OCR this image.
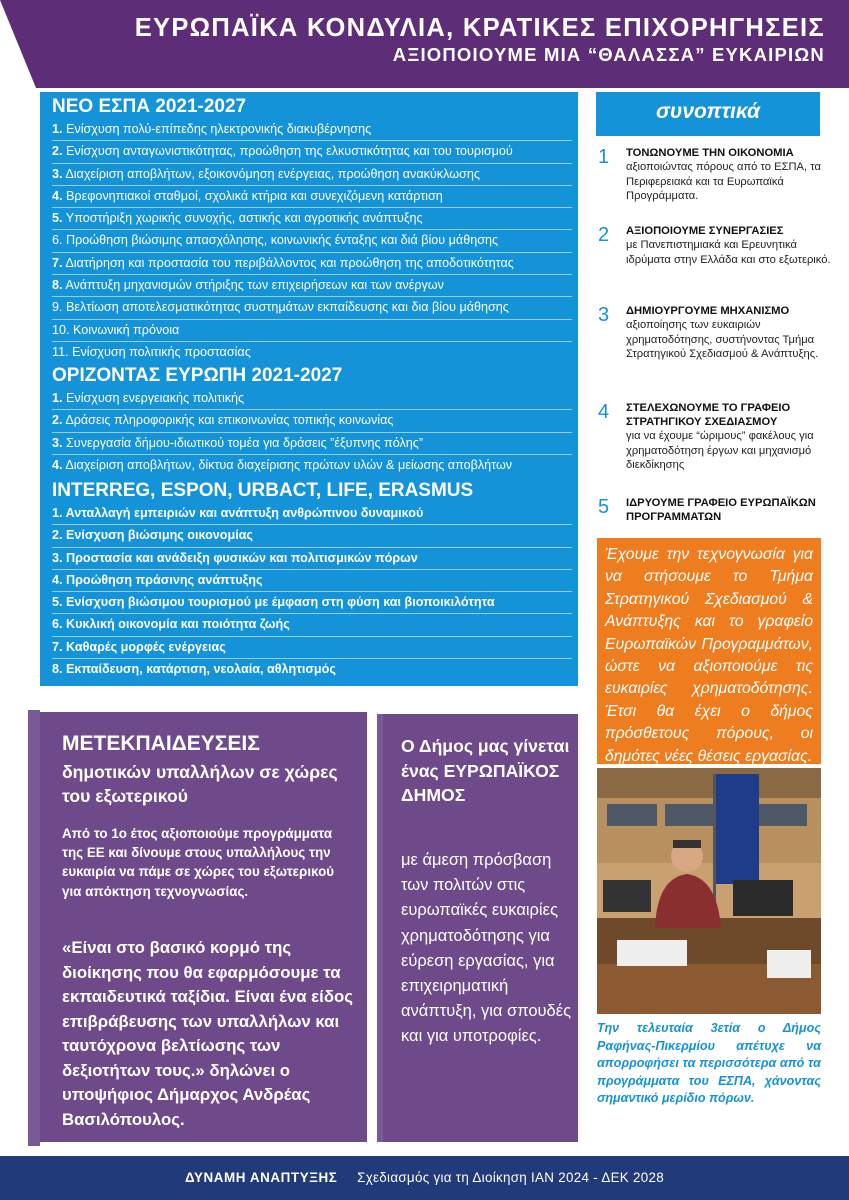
ΕΥΡΩΠΑΪΚΑ ΚΟΝΔΥΛΙΑ, ΚΡΑΤΙΚΕΣ ΕΠΙΧΟΡΗΓΗΣΕΙΣ
ΑΞΙΟΠΟΙΟΥΜΕ ΜΙΑ “ΘΑΛΑΣΣΑ” ΕΥΚΑΙΡΙΩΝ
ΝΕΟ ΕΣΠΑ 2021-2027
1. Ενίσχυση πολύ-επίπεδης ηλεκτρονικής διακυβέρνησης
2. Ενίσχυση ανταγωνιστικότητας, προώθηση της ελκυστικότητας και του τουρισμού
3. Διαχείριση αποβλήτων, εξοικονόμηση ενέργειας, προώθηση ανακύκλωσης
4. Βρεφονηπιακοί σταθμοί, σχολικά κτήρια και συνεχιζόμενη κατάρτιση
5. Υποστήριξη χωρικής συνοχής, αστικής και αγροτικής ανάπτυξης
6. Προώθηση βιώσιμης απασχόλησης, κοινωνικής ένταξης και διά βίου μάθησης
7. Διατήρηση και προστασία του περιβάλλοντος και προώθηση της αποδοτικότητας
8. Ανάπτυξη μηχανισμών στήριξης των επιχειρήσεων και των ανέργων
9. Βελτίωση αποτελεσματικότητας συστημάτων εκπαίδευσης και δια βίου μάθησης
10. Κοινωνική πρόνοια
11. Ενίσχυση πολιτικής προστασίας
ΟΡΙΖΟΝΤΑΣ ΕΥΡΩΠΗ 2021-2027
1. Ενίσχυση ενεργειακής πολιτικής
2. Δράσεις πληροφορικής και επικοινωνίας τοπικής κοινωνίας
3. Συνεργασία δήμου-ιδιωτικού τομέα για δράσεις ”έξυπνης πόλης”
4. Διαχείριση αποβλήτων, δίκτυα διαχείρισης πρώτων υλών & μείωσης αποβλήτων
INTERREG, ESPON, URBACT, LIFE, ERASMUS
1. Ανταλλαγή εμπειριών και ανάπτυξη ανθρώπινου δυναμικού
2. Ενίσχυση βιώσιμης οικονομίας
3. Προστασία και ανάδειξη φυσικών και πολιτισμικών πόρων
4. Προώθηση πράσινης ανάπτυξης
5. Ενίσχυση βιώσιμου τουρισμού με έμφαση στη φύση και βιοποικιλότητα
6. Κυκλική οικονομία και ποιότητα ζωής
7. Καθαρές μορφές ενέργειας
8. Εκπαίδευση, κατάρτιση, νεολαία, αθλητισμός
συνοπτικά
1 ΤΟΝΩΝΟΥΜΕ ΤΗΝ ΟΙΚΟΝΟΜΙΑ
αξιοποιώντας πόρους από το ΕΣΠΑ, τα Περιφερειακά και τα Ευρωπαϊκά Προγράμματα.
2 ΑΞΙΟΠΟΙΟΥΜΕ ΣΥΝΕΡΓΑΣΙΕΣ
με Πανεπιστημιακά και Ερευνητικά ιδρύματα στην Ελλάδα και στο εξωτερικό.
3 ΔΗΜΙΟΥΡΓΟΥΜΕ ΜΗΧΑΝΙΣΜΟ
αξιοποίησης των ευκαιριών χρηματοδότησης, συστήνοντας Τμήμα Στρατηγικού Σχεδιασμού & Ανάπτυξης.
4 ΣΤΕΛΕΧΩΝΟΥΜΕ ΤΟ ΓΡΑΦΕΙΟ ΣΤΡΑΤΗΓΙΚΟΥ ΣΧΕΔΙΑΣΜΟΥ
για να έχουμε “ώριμους” φακέλους για χρηματοδότηση έργων και μηχανισμό διεκδίκησης
5 ΙΔΡΥΟΥΜΕ ΓΡΑΦΕΙΟ ΕΥΡΩΠΑΪΚΩΝ ΠΡΟΓΡΑΜΜΑΤΩΝ
Έχουμε την τεχνογνωσία για να στήσουμε το Τμήμα Στρατηγικού Σχεδιασμού & Ανάπτυξης και το γραφείο Ευρωπαϊκών Προγραμμάτων, ώστε να αξιοποιούμε τις ευκαιρίες χρηματοδότησης. Έτσι θα έχει ο δήμος πρόσθετους πόρους, οι δημότες νέες θέσεις εργασίας.
Την τελευταία 3ετία ο Δήμος Ραφήνας-Πικερμίου απέτυχε να απορροφήσει τα περισσότερα από τα προγράμματα του ΕΣΠΑ, χάνοντας σημαντικό μερίδιο πόρων.
ΜΕΤΕΚΠΑΙΔΕΥΣΕΙΣ
δημοτικών υπαλλήλων σε χώρες του εξωτερικού
Από το 1ο έτος αξιοποιούμε προγράμματα της ΕΕ και δίνουμε στους υπαλλήλους την ευκαιρία να πάμε σε χώρες του εξωτερικού για απόκτηση τεχνογνωσίας.
«Είναι στο βασικό κορμό της διοίκησης που θα εφαρμόσουμε τα εκπαιδευτικά ταξίδια. Είναι ένα είδος επιβράβευσης των υπαλλήλων και ταυτόχρονα βελτίωσης των δεξιοτήτων τους.» δηλώνει ο υποψήφιος Δήμαρχος Ανδρέας Βασιλόπουλος.
Ο Δήμος μας γίνεται ένας ΕΥΡΩΠΑΪΚΟΣ ΔΗΜΟΣ
με άμεση πρόσβαση των πολιτών στις ευρωπαϊκές ευκαιρίες χρηματοδότησης για εύρεση εργασίας, για επιχειρηματική ανάπτυξη, για σπουδές και για υποτροφίες.
ΔΥΝΑΜΗ ΑΝΑΠΤΥΞΗΣ Σχεδιασμός για τη Διοίκηση ΙΑΝ 2024 - ΔΕΚ 2028
